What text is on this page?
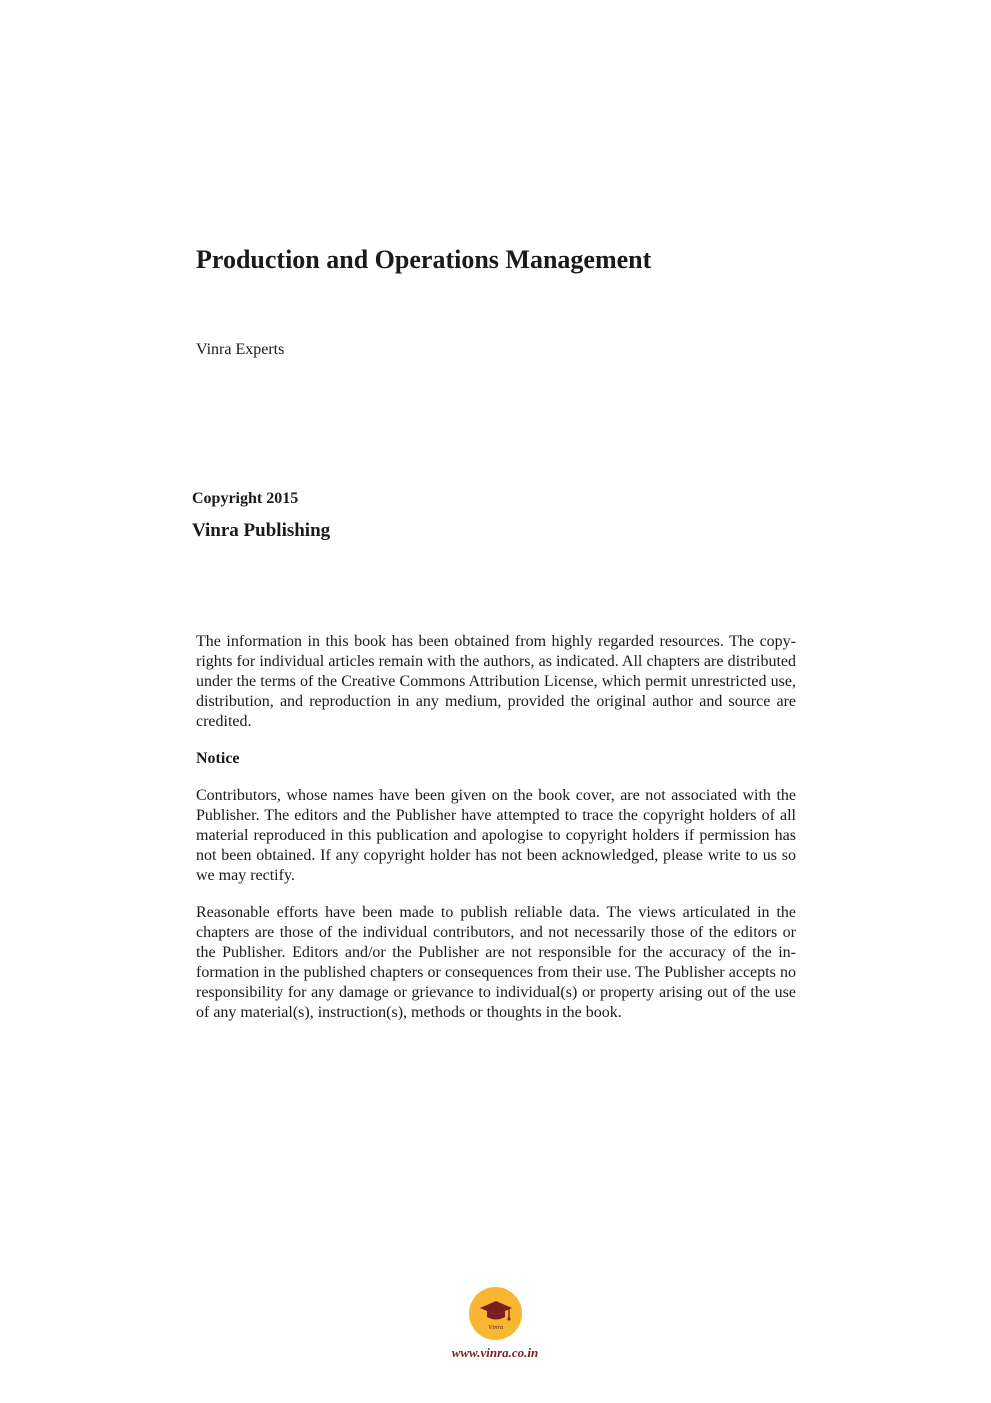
Production and Operations Management
Vinra Experts
Copyright 2015
Vinra Publishing

The information in this book has been obtained from highly regarded resources. The copyrights for individual articles remain with the authors, as indicated. All chapters are distributed under the terms of the Creative Commons Attribution License, which permit unrestricted use, distribution, and reproduction in any medium, provided the original author and source are credited.

Notice

Contributors, whose names have been given on the book cover, are not associated with the Publisher. The editors and the Publisher have attempted to trace the copyright holders of all material reproduced in this publication and apologise to copyright holders if permission has not been obtained. If any copyright holder has not been acknowledged, please write to us so we may rectify.

Reasonable efforts have been made to publish reliable data. The views articulated in the chapters are those of the individual contributors, and not necessarily those of the editors or the Publisher. Editors and/or the Publisher are not responsible for the accuracy of the information in the published chapters or consequences from their use. The Publisher accepts no responsibility for any damage or grievance to individual(s) or property arising out of the use of any material(s), instruction(s), methods or thoughts in the book.

Vinra
www.vinra.co.in
